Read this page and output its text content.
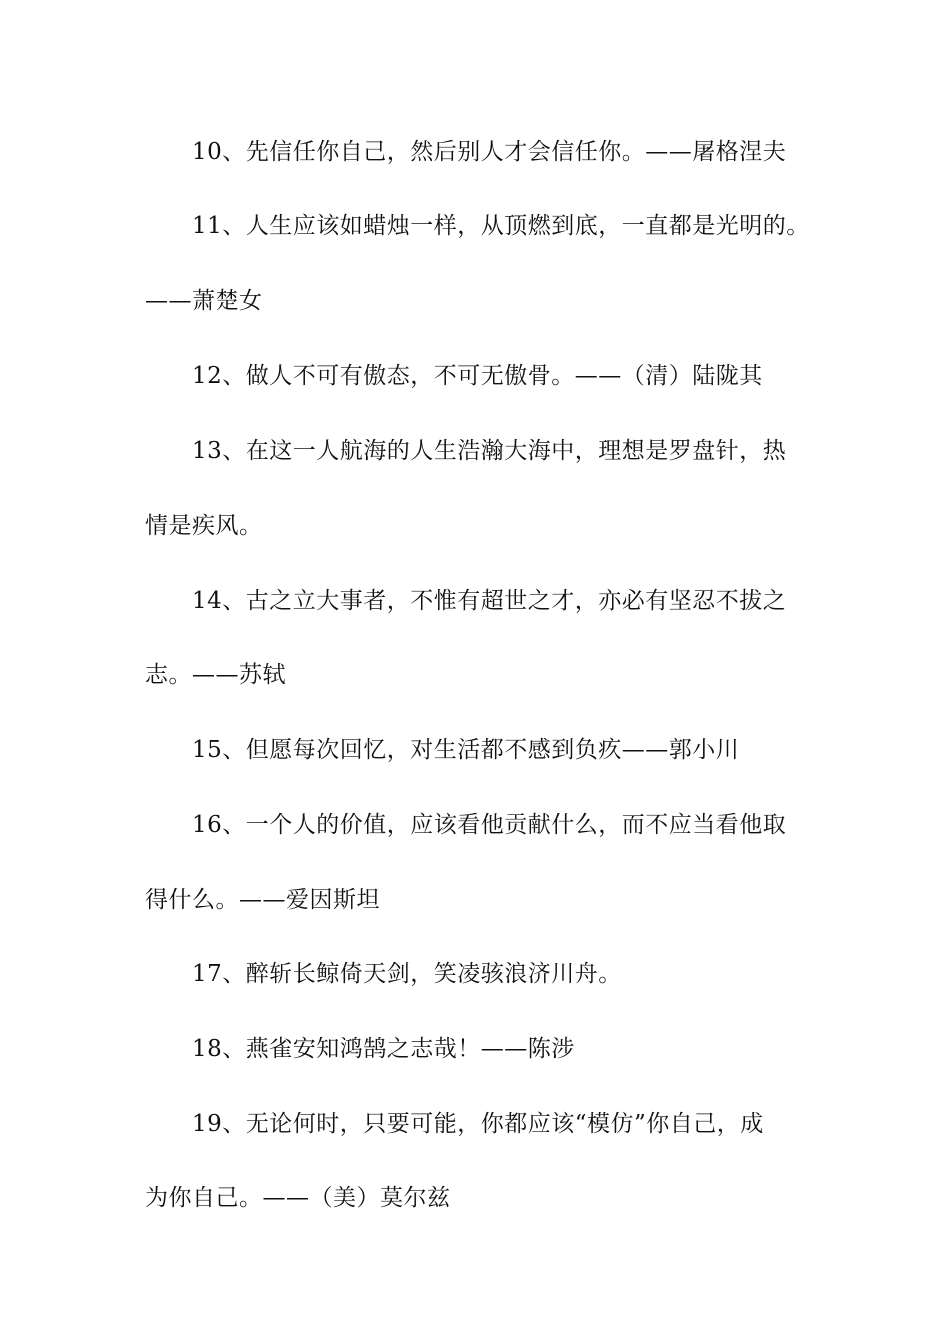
10、先信任你自己，然后别人才会信任你。——屠格涅夫
11、人生应该如蜡烛一样，从顶燃到底，一直都是光明的。
——萧楚女
12、做人不可有傲态，不可无傲骨。——（清）陆陇其
13、在这一人航海的人生浩瀚大海中，理想是罗盘针，热
情是疾风。
14、古之立大事者，不惟有超世之才，亦必有坚忍不拔之
志。——苏轼
15、但愿每次回忆，对生活都不感到负疚——郭小川
16、一个人的价值，应该看他贡献什么，而不应当看他取
得什么。——爱因斯坦
17、醉斩长鲸倚天剑，笑凌骇浪济川舟。
18、燕雀安知鸿鹄之志哉！——陈涉
19、无论何时，只要可能，你都应该“模仿”你自己，成
为你自己。——（美）莫尔兹
